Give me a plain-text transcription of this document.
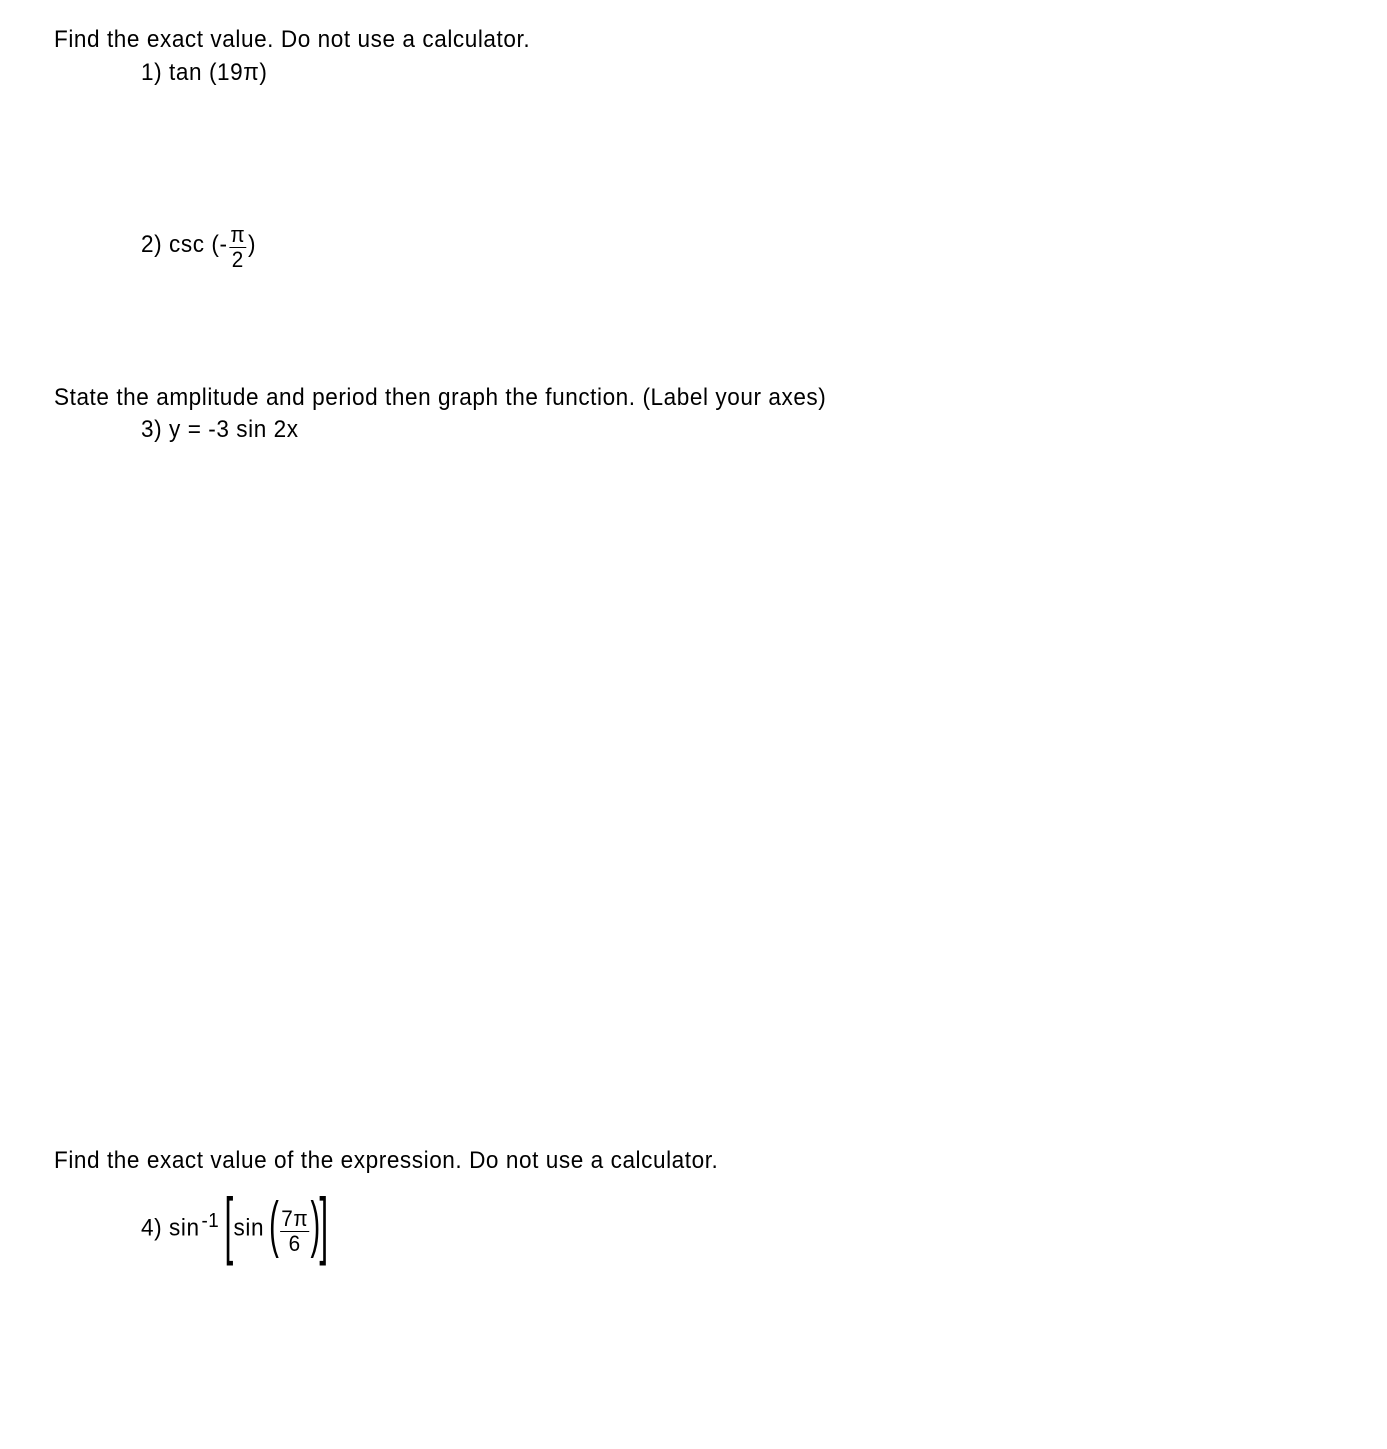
Find the exact value. Do not use a calculator.
1) tan (19π)
2) csc (- $\frac{\pi}{2}$ )
State the amplitude and period then graph the function. (Label your axes)
3) y = -3 sin 2x
Find the exact value of the expression. Do not use a calculator.
4) $\sin^{-1}[\sin( \frac{7\pi}{6}$ )]
